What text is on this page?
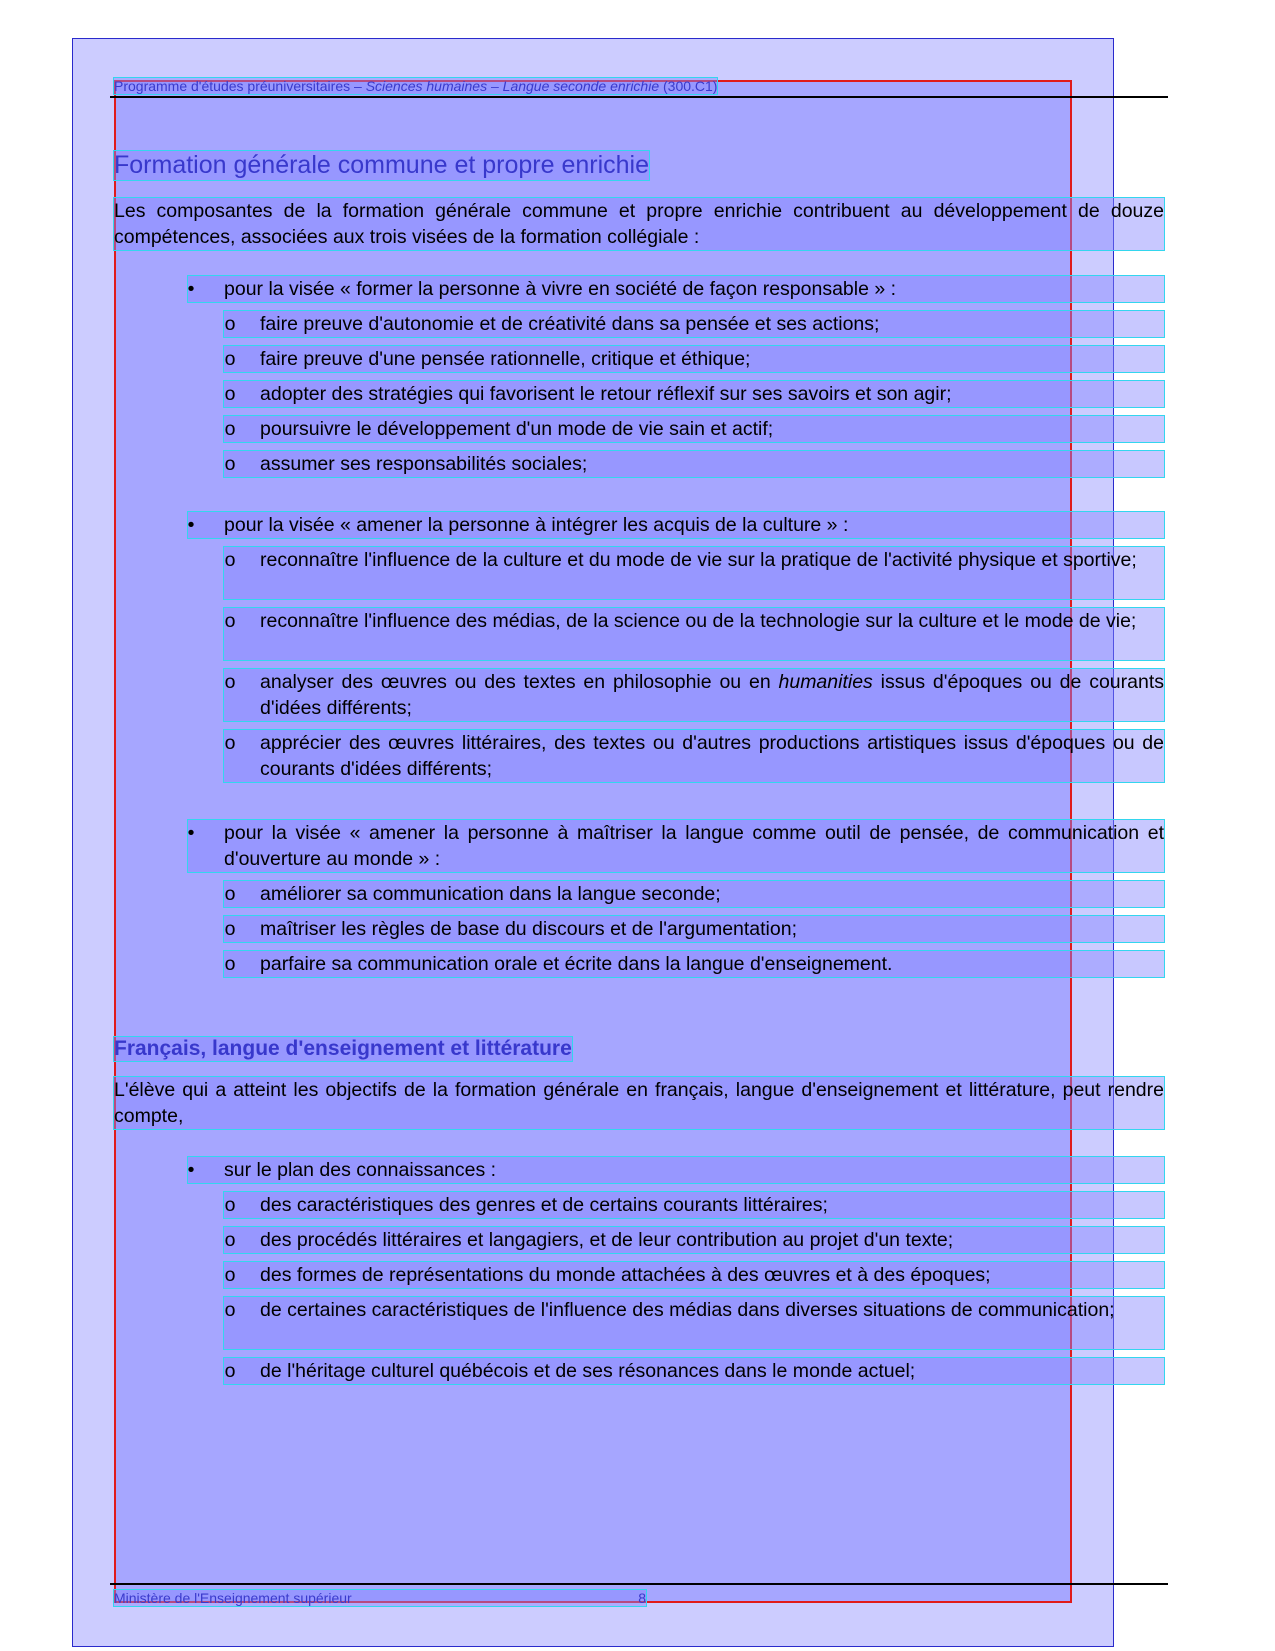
Programme d'études préuniversitaires – Sciences humaines – Langue seconde enrichie (300.C1)
Formation générale commune et propre enrichie
Les composantes de la formation générale commune et propre enrichie contribuent au développement de douze compétences, associées aux trois visées de la formation collégiale :
• pour la visée « former la personne à vivre en société de façon responsable » :
o faire preuve d'autonomie et de créativité dans sa pensée et ses actions;
o faire preuve d'une pensée rationnelle, critique et éthique;
o adopter des stratégies qui favorisent le retour réflexif sur ses savoirs et son agir;
o poursuivre le développement d'un mode de vie sain et actif;
o assumer ses responsabilités sociales;
• pour la visée « amener la personne à intégrer les acquis de la culture » :
o reconnaître l'influence de la culture et du mode de vie sur la pratique de l'activité physique et sportive;
o reconnaître l'influence des médias, de la science ou de la technologie sur la culture et le mode de vie;
o analyser des œuvres ou des textes en philosophie ou en humanities issus d'époques ou de courants d'idées différents;
o apprécier des œuvres littéraires, des textes ou d'autres productions artistiques issus d'époques ou de courants d'idées différents;
• pour la visée « amener la personne à maîtriser la langue comme outil de pensée, de communication et d'ouverture au monde » :
o améliorer sa communication dans la langue seconde;
o maîtriser les règles de base du discours et de l'argumentation;
o parfaire sa communication orale et écrite dans la langue d'enseignement.
Français, langue d'enseignement et littérature
L'élève qui a atteint les objectifs de la formation générale en français, langue d'enseignement et littérature, peut rendre compte,
• sur le plan des connaissances :
o des caractéristiques des genres et de certains courants littéraires;
o des procédés littéraires et langagiers, et de leur contribution au projet d'un texte;
o des formes de représentations du monde attachées à des œuvres et à des époques;
o de certaines caractéristiques de l'influence des médias dans diverses situations de communication;
o de l'héritage culturel québécois et de ses résonances dans le monde actuel;
Ministère de l'Enseignement supérieur	8
